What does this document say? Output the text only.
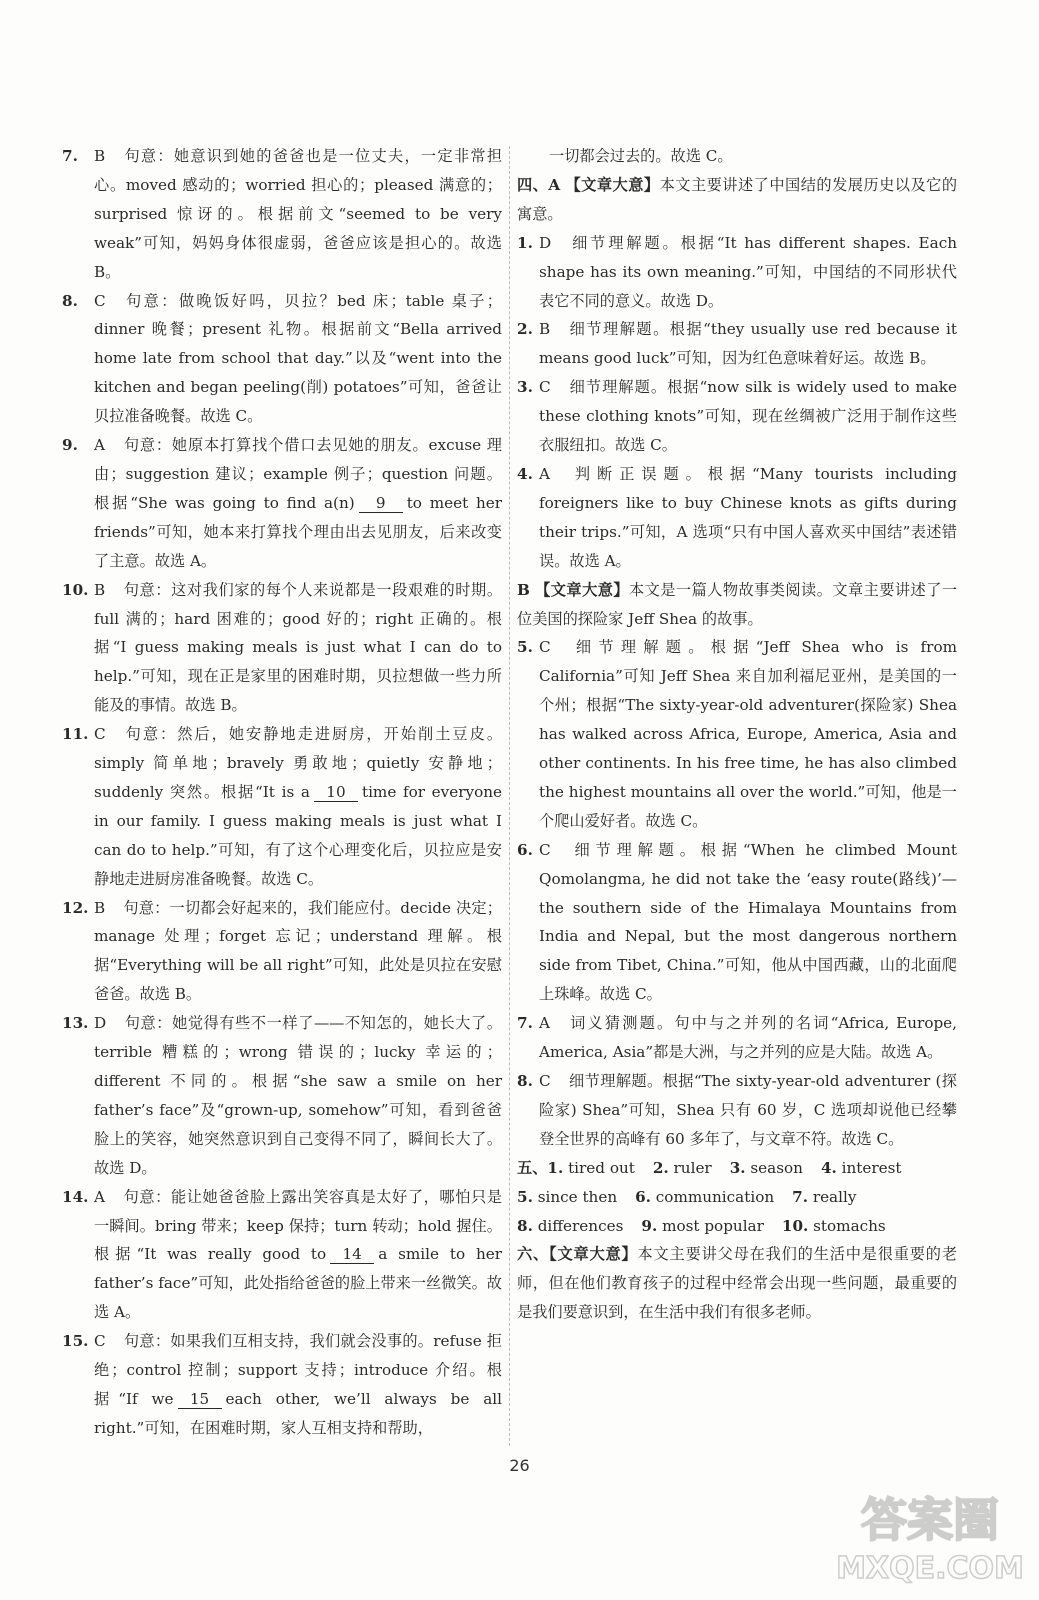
7. B 句意：她意识到她的爸爸也是一位丈夫，一定非常担心。moved 感动的；worried 担心的；pleased 满意的；surprised 惊讶的。根据前文“seemed to be very weak”可知，妈妈身体很虚弱，爸爸应该是担心的。故选 B。

8. C 句意：做晚饭好吗，贝拉？bed 床；table 桌子；dinner 晚餐；present 礼物。根据前文“Bella arrived home late from school that day.”以及“went into the kitchen and began peeling(削) potatoes”可知，爸爸让贝拉准备晚餐。故选 C。

9. A 句意：她原本打算找个借口去见她的朋友。excuse 理由；suggestion 建议；example 例子；question 问题。根据“She was going to find a(n) 9 to meet her friends”可知，她本来打算找个理由出去见朋友，后来改变了主意。故选 A。

10. B 句意：这对我们家的每个人来说都是一段艰难的时期。full 满的；hard 困难的；good 好的；right 正确的。根据“I guess making meals is just what I can do to help.”可知，现在正是家里的困难时期，贝拉想做一些力所能及的事情。故选 B。

11. C 句意：然后，她安静地走进厨房，开始削土豆皮。simply 简单地；bravely 勇敢地；quietly 安静地；suddenly 突然。根据“It is a 10 time for everyone in our family. I guess making meals is just what I can do to help.”可知，有了这个心理变化后，贝拉应是安静地走进厨房准备晚餐。故选 C。

12. B 句意：一切都会好起来的，我们能应付。decide 决定；manage 处理；forget 忘记；understand 理解。根据“Everything will be all right”可知，此处是贝拉在安慰爸爸。故选 B。

13. D 句意：她觉得有些不一样了——不知怎的，她长大了。terrible 糟糕的；wrong 错误的；lucky 幸运的；different 不同的。根据“she saw a smile on her father’s face”及“grown-up, somehow”可知，看到爸爸脸上的笑容，她突然意识到自己变得不同了，瞬间长大了。故选 D。

14. A 句意：能让她爸爸脸上露出笑容真是太好了，哪怕只是一瞬间。bring 带来；keep 保持；turn 转动；hold 握住。根据“It was really good to 14 a smile to her father’s face”可知，此处指给爸爸的脸上带来一丝微笑。故选 A。

15. C 句意：如果我们互相支持，我们就会没事的。refuse 拒绝；control 控制；support 支持；introduce 介绍。根据“If we 15 each other, we’ll always be all right.”可知，在困难时期，家人互相支持和帮助，

一切都会过去的。故选 C。

四、A 【文章大意】本文主要讲述了中国结的发展历史以及它的寓意。

1. D 细节理解题。根据“It has different shapes. Each shape has its own meaning.”可知，中国结的不同形状代表它不同的意义。故选 D。

2. B 细节理解题。根据“they usually use red because it means good luck”可知，因为红色意味着好运。故选 B。

3. C 细节理解题。根据“now silk is widely used to make these clothing knots”可知，现在丝绸被广泛用于制作这些衣服纽扣。故选 C。

4. A 判断正误题。根据“Many tourists including foreigners like to buy Chinese knots as gifts during their trips.”可知，A 选项“只有中国人喜欢买中国结”表述错误。故选 A。

B 【文章大意】本文是一篇人物故事类阅读。文章主要讲述了一位美国的探险家 Jeff Shea 的故事。

5. C 细节理解题。根据“Jeff Shea who is from California”可知 Jeff Shea 来自加利福尼亚州，是美国的一个州；根据“The sixty-year-old adventurer(探险家) Shea has walked across Africa, Europe, America, Asia and other continents. In his free time, he has also climbed the highest mountains all over the world.”可知，他是一个爬山爱好者。故选 C。

6. C 细节理解题。根据“When he climbed Mount Qomolangma, he did not take the ‘easy route(路线)’—the southern side of the Himalaya Mountains from India and Nepal, but the most dangerous northern side from Tibet, China.”可知，他从中国西藏，山的北面爬上珠峰。故选 C。

7. A 词义猜测题。句中与之并列的名词“Africa, Europe, America, Asia”都是大洲，与之并列的应是大陆。故选 A。

8. C 细节理解题。根据“The sixty-year-old adventurer (探险家) Shea”可知，Shea 只有 60 岁，C 选项却说他已经攀登全世界的高峰有 60 多年了，与文章不符。故选 C。

五、1. tired out 2. ruler 3. season 4. interest

5. since then 6. communication 7. really

8. differences 9. most popular 10. stomachs

六、【文章大意】本文主要讲父母在我们的生活中是很重要的老师，但在他们教育孩子的过程中经常会出现一些问题，最重要的是我们要意识到，在生活中我们有很多老师。

26
答案圈
MXQE.COM
